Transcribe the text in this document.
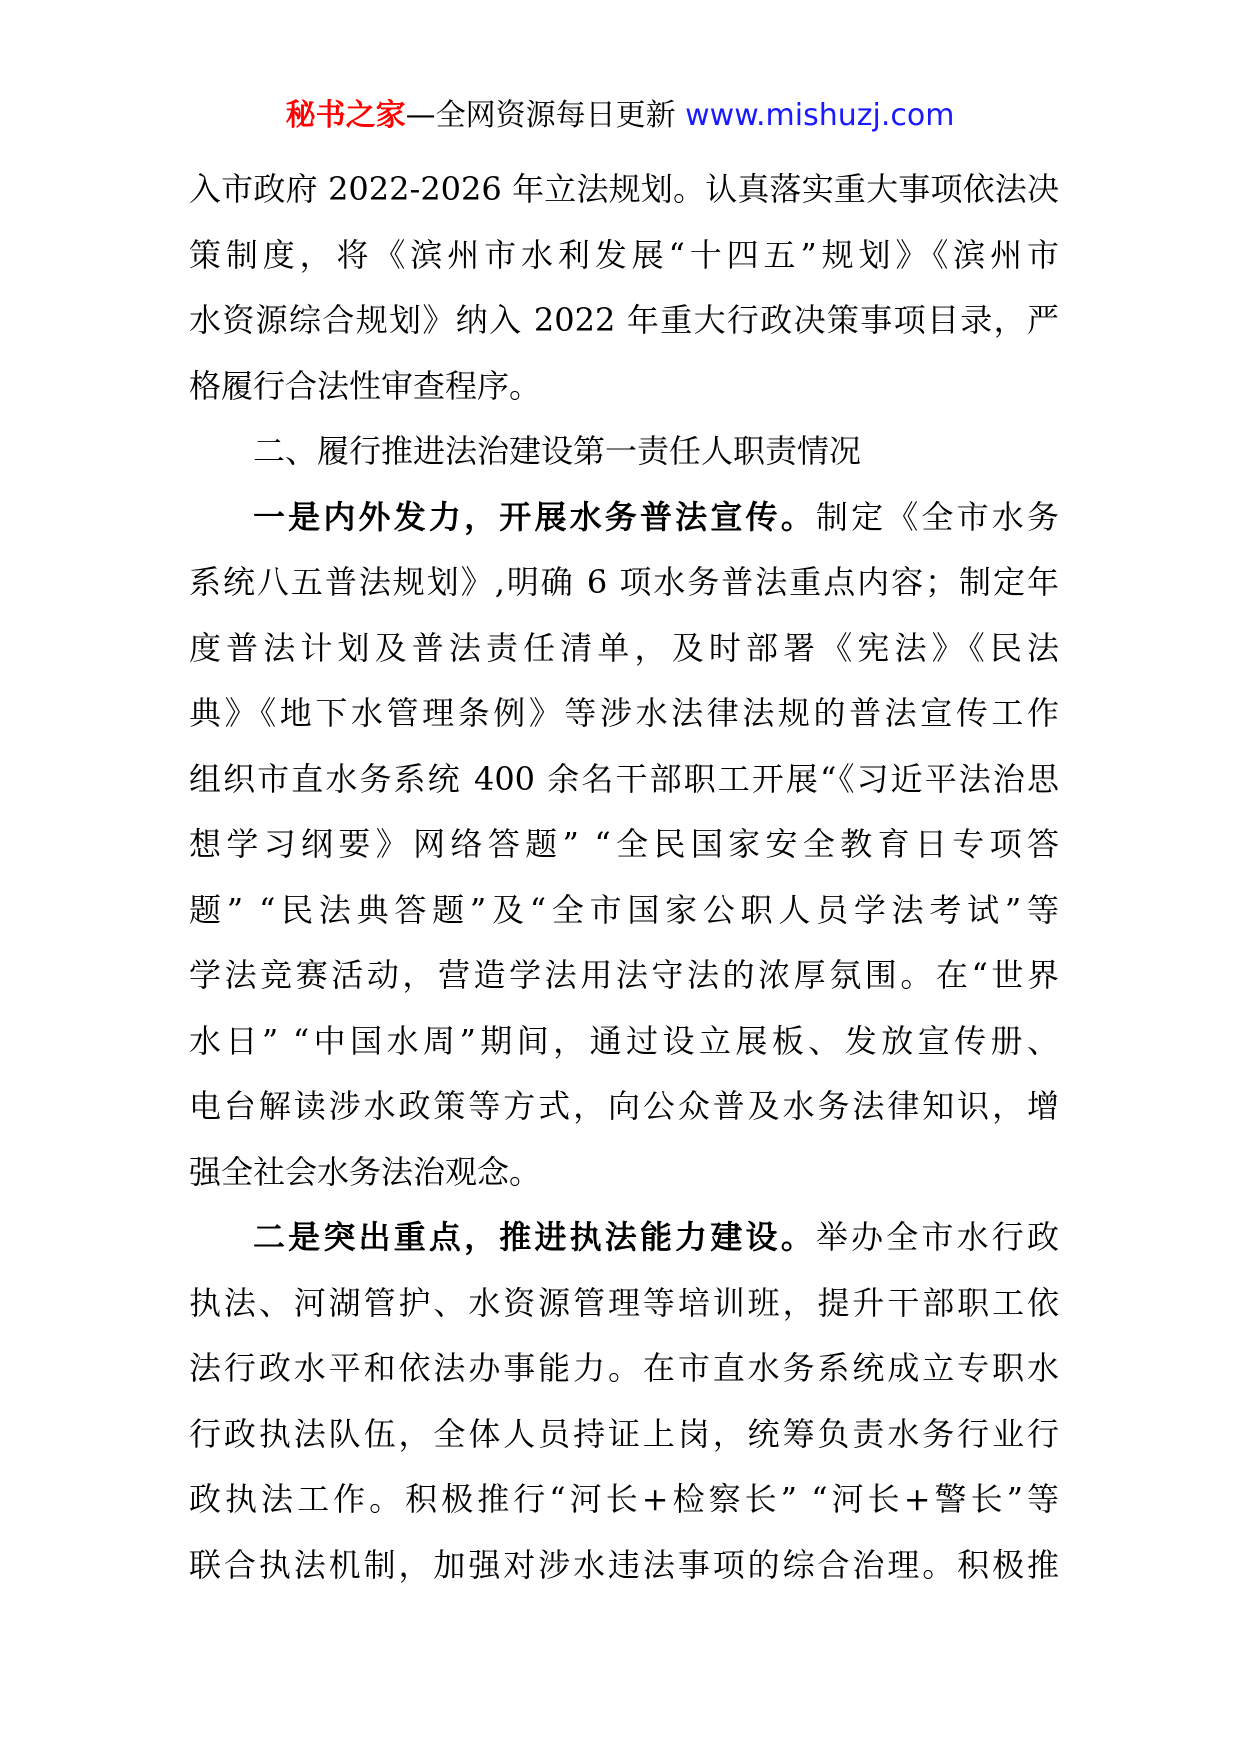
秘书之家—全网资源每日更新 www.mishuzj.com
入市政府 2022-2026 年立法规划。认真落实重大事项依法决
策制度，将《滨州市水利发展“十四五”规划》《滨州市
水资源综合规划》纳入 2022 年重大行政决策事项目录，严
格履行合法性审查程序。
二、履行推进法治建设第一责任人职责情况
一是内外发力，开展水务普法宣传。制定《全市水务
系统八五普法规划》,明确 6 项水务普法重点内容；制定年
度普法计划及普法责任清单，及时部署《宪法》《民法
典》《地下水管理条例》等涉水法律法规的普法宣传工作
组织市直水务系统 400 余名干部职工开展“《习近平法治思
想学习纲要》网络答题” “全民国家安全教育日专项答
题” “民法典答题”及“全市国家公职人员学法考试”等
学法竞赛活动，营造学法用法守法的浓厚氛围。在“世界
水日” “中国水周”期间，通过设立展板、发放宣传册、
电台解读涉水政策等方式，向公众普及水务法律知识，增
强全社会水务法治观念。
二是突出重点，推进执法能力建设。举办全市水行政
执法、河湖管护、水资源管理等培训班，提升干部职工依
法行政水平和依法办事能力。在市直水务系统成立专职水
行政执法队伍，全体人员持证上岗，统筹负责水务行业行
政执法工作。积极推行“河长+检察长” “河长+警长”等
联合执法机制，加强对涉水违法事项的综合治理。积极推
